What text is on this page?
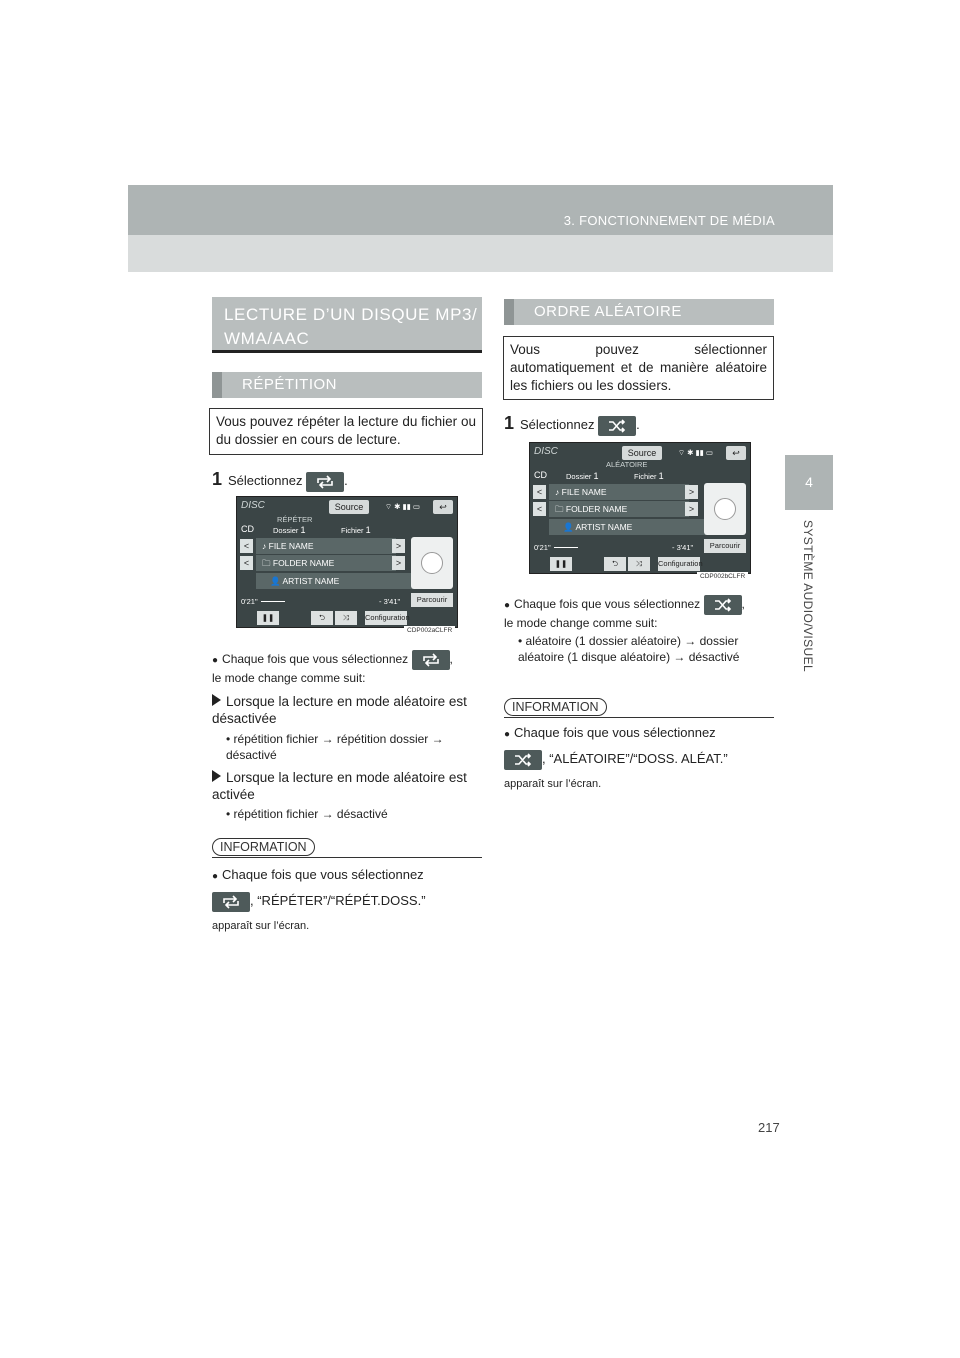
3. FONCTIONNEMENT DE MÉDIA
4
SYSTÈME AUDIO/VISUEL
217
LECTURE D’UN DISQUE MP3/
WMA/AAC
RÉPÉTITION
Vous pouvez répéter la lecture du fichier ou du dossier en cours de lecture.
1 Sélectionnez	.
DISC	Source	⌔ ✱ ▮▮ ▭	↩
RÉPÉTER
CD	Dossier 1	Fichier 1
<	♪ FILE NAME	>
<	🗀 FOLDER NAME	>
👤 ARTIST NAME
0'21"	- 3'41"	Parcourir
❚❚	⮌	⤨	Configuration
CDP002aCLFR
● Chaque fois que vous sélectionnez	,
le mode change comme suit:
Lorsque la lecture en mode aléatoire est désactivée
• répétition fichier → répétition dossier → désactivé
Lorsque la lecture en mode aléatoire est activée
• répétition fichier → désactivé
INFORMATION
● Chaque fois que vous sélectionnez

, “RÉPÉTER”/“RÉPÉT.DOSS.”
apparaît sur l’écran.
ORDRE ALÉATOIRE
Vous pouvez sélectionner automatiquement et de manière aléatoire les fichiers ou les dossiers.
1 Sélectionnez	.
DISC	Source	⌔ ✱ ▮▮ ▭	↩
ALÉATOIRE
CD	Dossier 1	Fichier 1
<	♪ FILE NAME	>
<	🗀 FOLDER NAME	>
👤 ARTIST NAME
0'21"	- 3'41"	Parcourir
❚❚	⮌	⤨	Configuration
CDP002bCLFR
● Chaque fois que vous sélectionnez	,
le mode change comme suit:
• aléatoire (1 dossier aléatoire) → dossier aléatoire (1 disque aléatoire) → désactivé
INFORMATION
● Chaque fois que vous sélectionnez

, “ALÉATOIRE”/“DOSS. ALÉAT.”
apparaît sur l’écran.
